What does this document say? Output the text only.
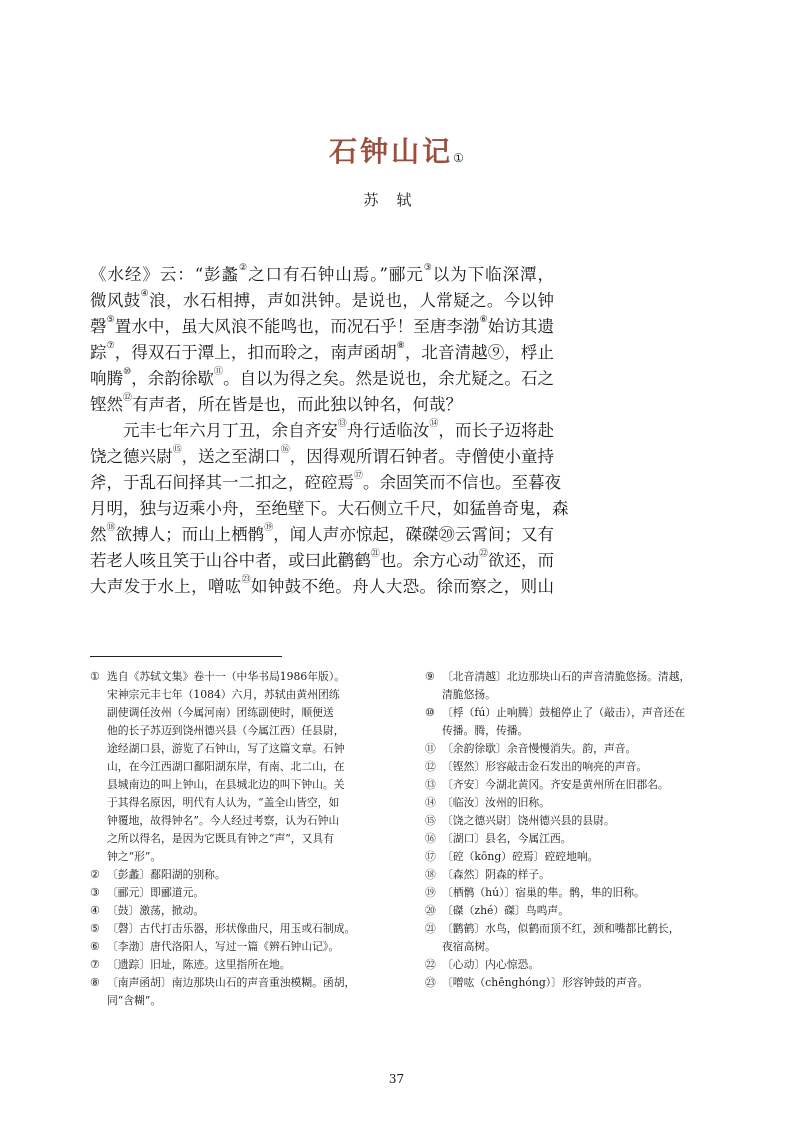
石钟山记①
苏轼
《水经》云：“彭蠡②之口有石钟山焉。”郦元③以为下临深潭，
微风鼓④浪，水石相搏，声如洪钟。是说也，人常疑之。今以钟
磬⑤置水中，虽大风浪不能鸣也，而况石乎！至唐李渤⑥始访其遗
踪⑦，得双石于潭上，扣而聆之，南声函胡⑧，北音清越⑨，桴止
响腾⑩，余韵徐歇⑪。自以为得之矣。然是说也，余尤疑之。石之
铿然⑫有声者，所在皆是也，而此独以钟名，何哉？
　　元丰七年六月丁丑，余自齐安⑬舟行适临汝⑭，而长子迈将赴
饶之德兴尉⑮，送之至湖口⑯，因得观所谓石钟者。寺僧使小童持
斧，于乱石间择其一二扣之，硿硿焉⑰。余固笑而不信也。至暮夜
月明，独与迈乘小舟，至绝壁下。大石侧立千尺，如猛兽奇鬼，森
然⑱欲搏人；而山上栖鹘⑲，闻人声亦惊起，磔磔⑳云霄间；又有
若老人咳且笑于山谷中者，或曰此鹳鹤$^㉑$也。余方心动$^㉒$欲还，而
大声发于水上，噌吰$^㉓$如钟鼓不绝。舟人大恐。徐而察之，则山
① 选自《苏轼文集》卷十一（中华书局1986年版）。
宋神宗元丰七年（1084）六月，苏轼由黄州团练
副使调任汝州（今属河南）团练副使时，顺便送
他的长子苏迈到饶州德兴县（今属江西）任县尉，
途经湖口县，游览了石钟山，写了这篇文章。石钟
山，在今江西湖口鄱阳湖东岸，有南、北二山，在
县城南边的叫上钟山，在县城北边的叫下钟山。关
于其得名原因，明代有人认为，“盖全山皆空，如
钟覆地，故得钟名”。今人经过考察，认为石钟山
之所以得名，是因为它既具有钟之“声”，又具有
钟之“形”。
② 〔彭蠡〕鄱阳湖的别称。
③ 〔郦元〕即郦道元。
④ 〔鼓〕激荡，掀动。
⑤ 〔磬〕古代打击乐器，形状像曲尺，用玉或石制成。
⑥ 〔李渤〕唐代洛阳人，写过一篇《辨石钟山记》。
⑦ 〔遗踪〕旧址，陈迹。这里指所在地。
⑧ 〔南声函胡〕南边那块山石的声音重浊模糊。函胡，
同“含糊”。
⑨ 〔北音清越〕北边那块山石的声音清脆悠扬。清越，
清脆悠扬。
⑩ 〔桴（fú）止响腾〕鼓槌停止了（敲击），声音还在
传播。腾，传播。
⑪ 〔余韵徐歇〕余音慢慢消失。韵，声音。
⑫ 〔铿然〕形容敲击金石发出的响亮的声音。
⑬ 〔齐安〕今湖北黄冈。齐安是黄州所在旧郡名。
⑭ 〔临汝〕汝州的旧称。
⑮ 〔饶之德兴尉〕饶州德兴县的县尉。
⑯ 〔湖口〕县名，今属江西。
⑰ 〔硿（kōng）硿焉〕硿硿地响。
⑱ 〔森然〕阴森的样子。
⑲ 〔栖鹘（hú）〕宿巢的隼。鹘，隼的旧称。
⑳ 〔磔（zhé）磔〕鸟鸣声。
㉑ 〔鹳鹤〕水鸟，似鹤而顶不红，颈和嘴都比鹤长，
夜宿高树。
㉒ 〔心动〕内心惊恐。
㉓ 〔噌吰（chēnghóng）〕形容钟鼓的声音。
37
